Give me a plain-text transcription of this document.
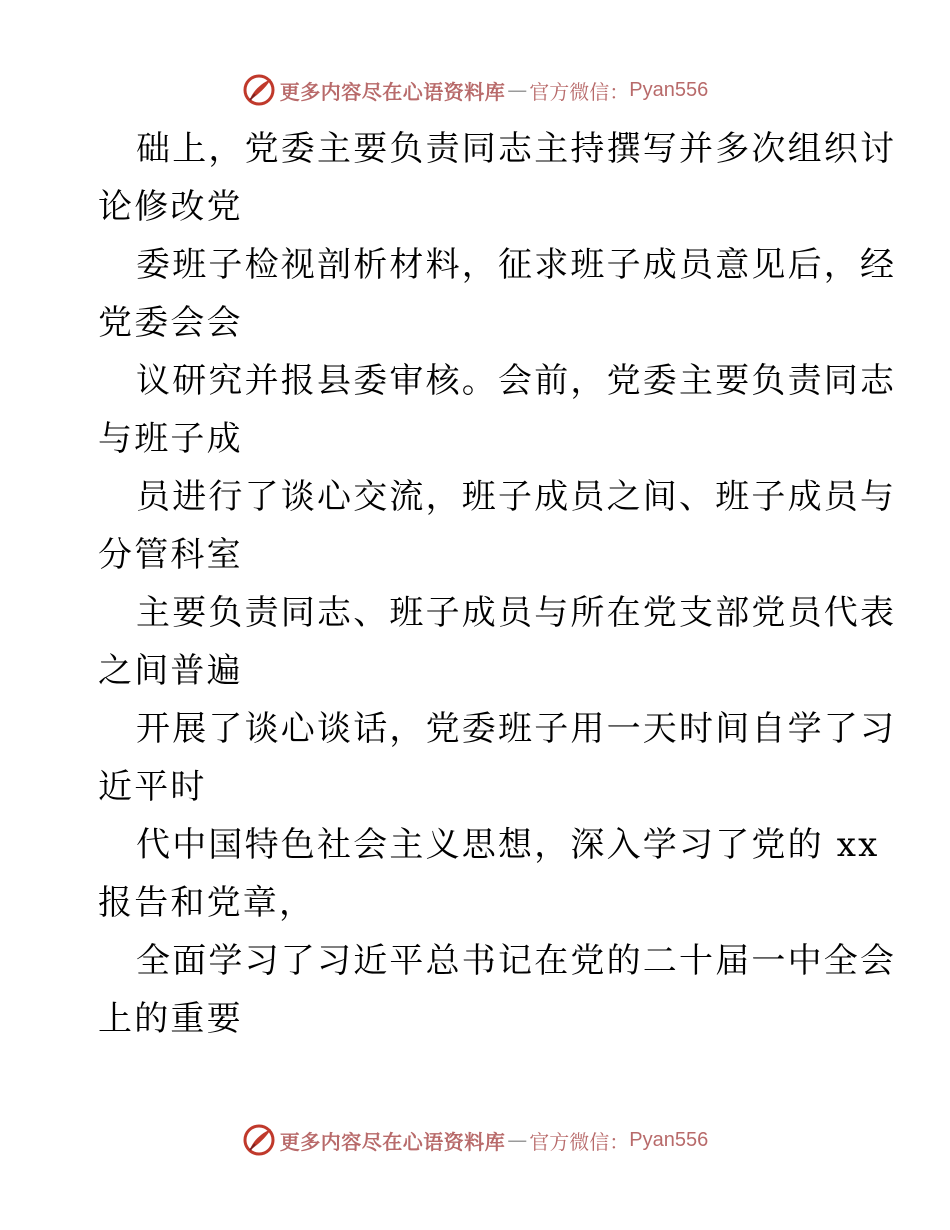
更多内容尽在心语资料库 — 官方微信： Pyan556
础上，党委主要负责同志主持撰写并多次组织讨
论修改党
委班子检视剖析材料，征求班子成员意见后，经
党委会会
议研究并报县委审核。会前，党委主要负责同志
与班子成
员进行了谈心交流，班子成员之间、班子成员与
分管科室
主要负责同志、班子成员与所在党支部党员代表
之间普遍
开展了谈心谈话，党委班子用一天时间自学了习
近平时
代中国特色社会主义思想，深入学习了党的 xx
报告和党章，
全面学习了习近平总书记在党的二十届一中全会
上的重要
更多内容尽在心语资料库 — 官方微信： Pyan556
